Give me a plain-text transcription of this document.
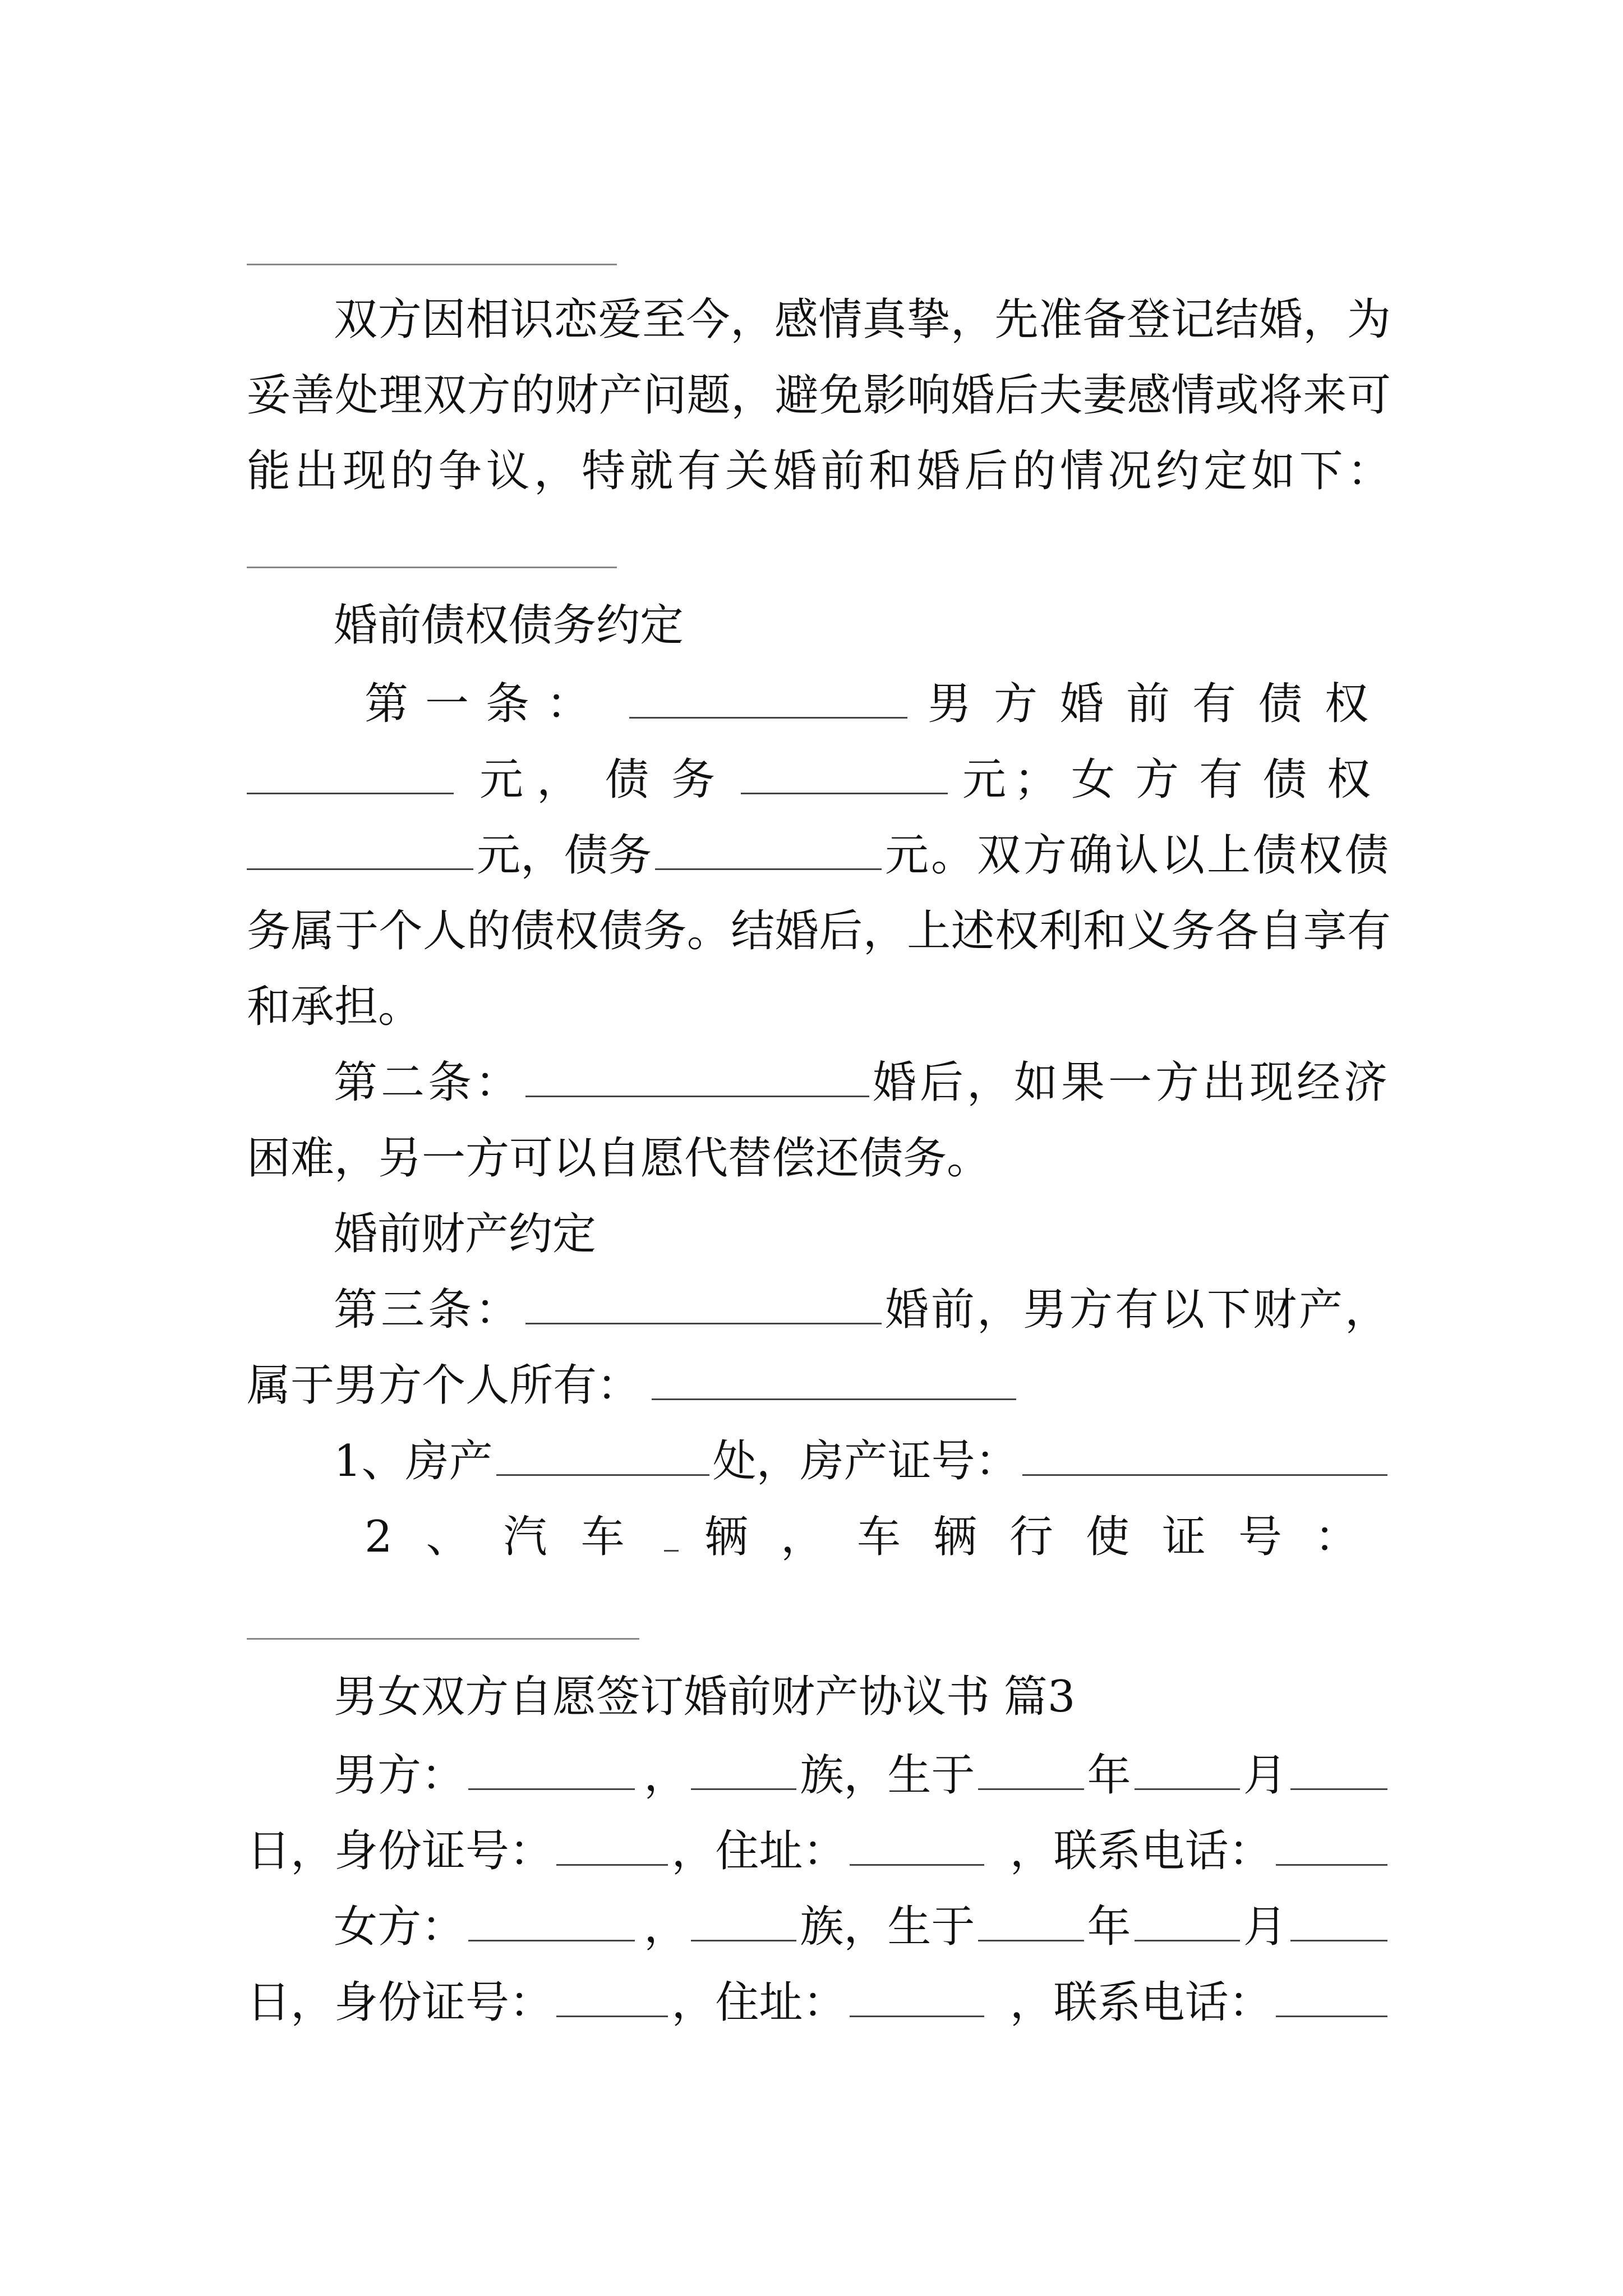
双方因相识恋爱至今，感情真挚，先准备登记结婚，为
妥善处理双方的财产问题，避免影响婚后夫妻感情或将来可
能出现的争议，特就有关婚前和婚后的情况约定如下：
婚前债权债务约定
第一条：	男方婚前有债权
元， 债务	元； 女方有债权
元 ， 债务	元。双方确认以上债权债
务属于个人的债权债务。结婚后，上述权利和义务各自享有
和承担。
第二条：	婚后，如果一方出现经济
困难，另一方可以自愿代替偿还债务。
婚前财产约定
第三条：	婚前，男方有以下财产，
属于男方个人所有：
1、房产	处，房产证号：
2、汽车 辆，车辆行使证号：
男女双方自愿签订婚前财产协议书 篇3
男方：	，	族，生于	年	月
日，身份证号：	，住址：	，联系电话：
女方：	，	族，生于	年	月
日，身份证号：	，住址：	，联系电话：
